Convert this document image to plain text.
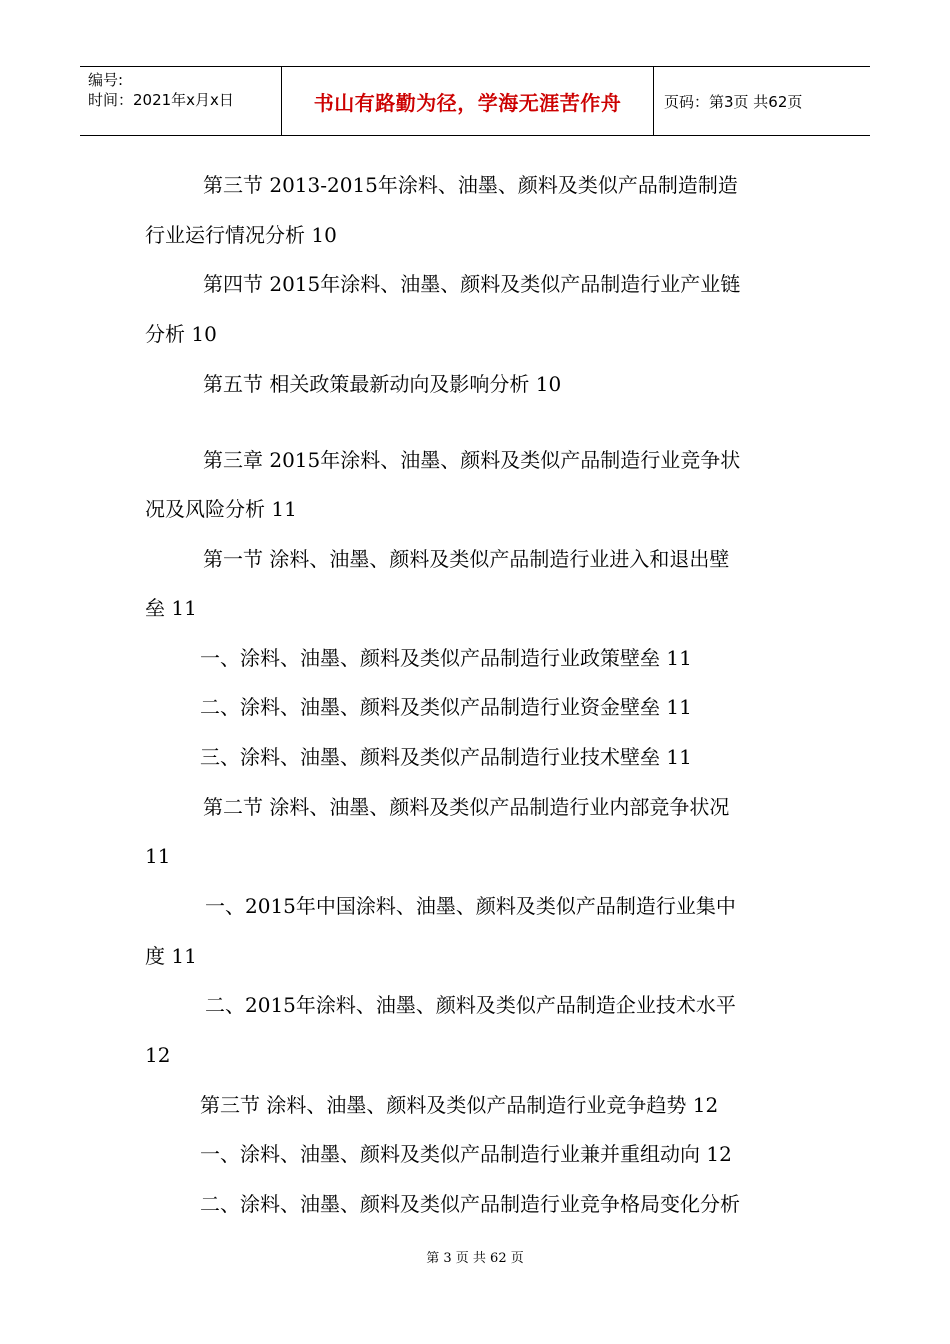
编号:
时间：2021年x月x日	书山有路勤为径，学海无涯苦作舟	页码：第3页 共62页

第三节 2013-2015年涂料、油墨、颜料及类似产品制造制造

行业运行情况分析 10

第四节 2015年涂料、油墨、颜料及类似产品制造行业产业链

分析 10

第五节 相关政策最新动向及影响分析 10

第三章 2015年涂料、油墨、颜料及类似产品制造行业竞争状

况及风险分析 11

第一节 涂料、油墨、颜料及类似产品制造行业进入和退出壁

垒 11

一、涂料、油墨、颜料及类似产品制造行业政策壁垒 11

二、涂料、油墨、颜料及类似产品制造行业资金壁垒 11

三、涂料、油墨、颜料及类似产品制造行业技术壁垒 11

第二节 涂料、油墨、颜料及类似产品制造行业内部竞争状况

11

一、2015年中国涂料、油墨、颜料及类似产品制造行业集中

度 11

二、2015年涂料、油墨、颜料及类似产品制造企业技术水平

12

第三节 涂料、油墨、颜料及类似产品制造行业竞争趋势 12

一、涂料、油墨、颜料及类似产品制造行业兼并重组动向 12

二、涂料、油墨、颜料及类似产品制造行业竞争格局变化分析

第 3 页 共 62 页
